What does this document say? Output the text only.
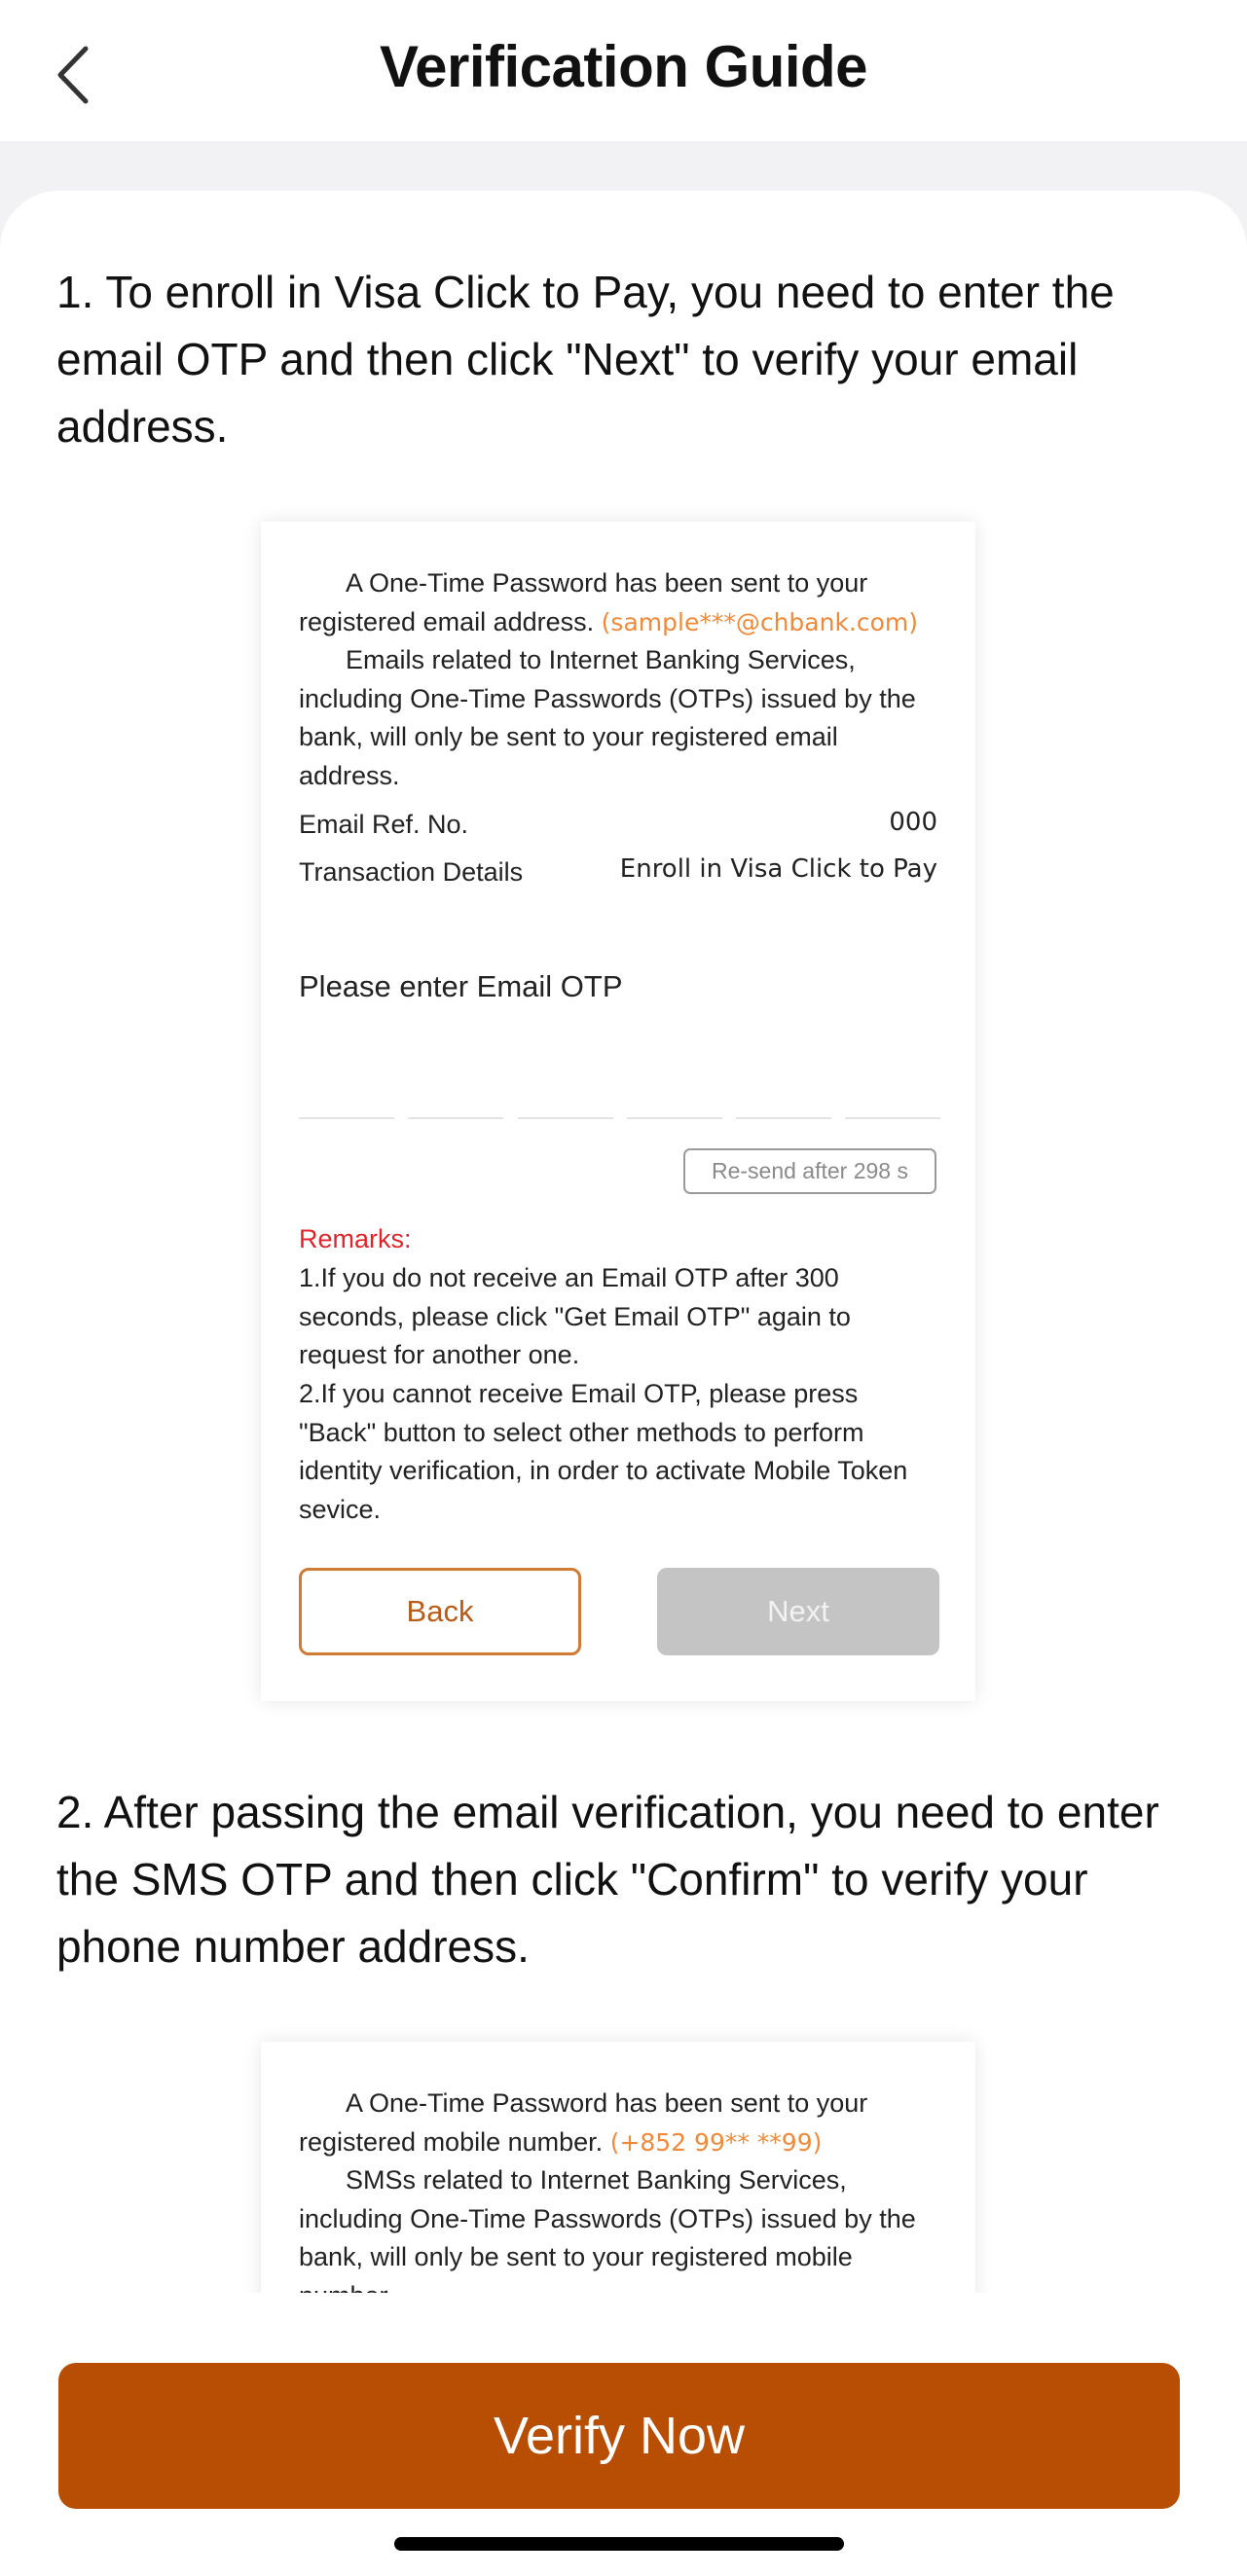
Verification Guide
1. To enroll in Visa Click to Pay, you need to enter the email OTP and then click "Next" to verify your email address.
A One-Time Password has been sent to your registered email address. (sample***@chbank.com)
Emails related to Internet Banking Services, including One-Time Passwords (OTPs) issued by the bank, will only be sent to your registered email address.
Email Ref. No.	000
Transaction Details	Enroll in Visa Click to Pay
Please enter Email OTP
Re-send after 298 s
Remarks:
1.If you do not receive an Email OTP after 300 seconds, please click "Get Email OTP" again to request for another one.
2.If you cannot receive Email OTP, please press "Back" button to select other methods to perform identity verification, in order to activate Mobile Token sevice.
Back	Next
2. After passing the email verification, you need to enter the SMS OTP and then click "Confirm" to verify your phone number address.
A One-Time Password has been sent to your registered mobile number. (+852 99** **99)
SMSs related to Internet Banking Services, including One-Time Passwords (OTPs) issued by the bank, will only be sent to your registered mobile
Verify Now
